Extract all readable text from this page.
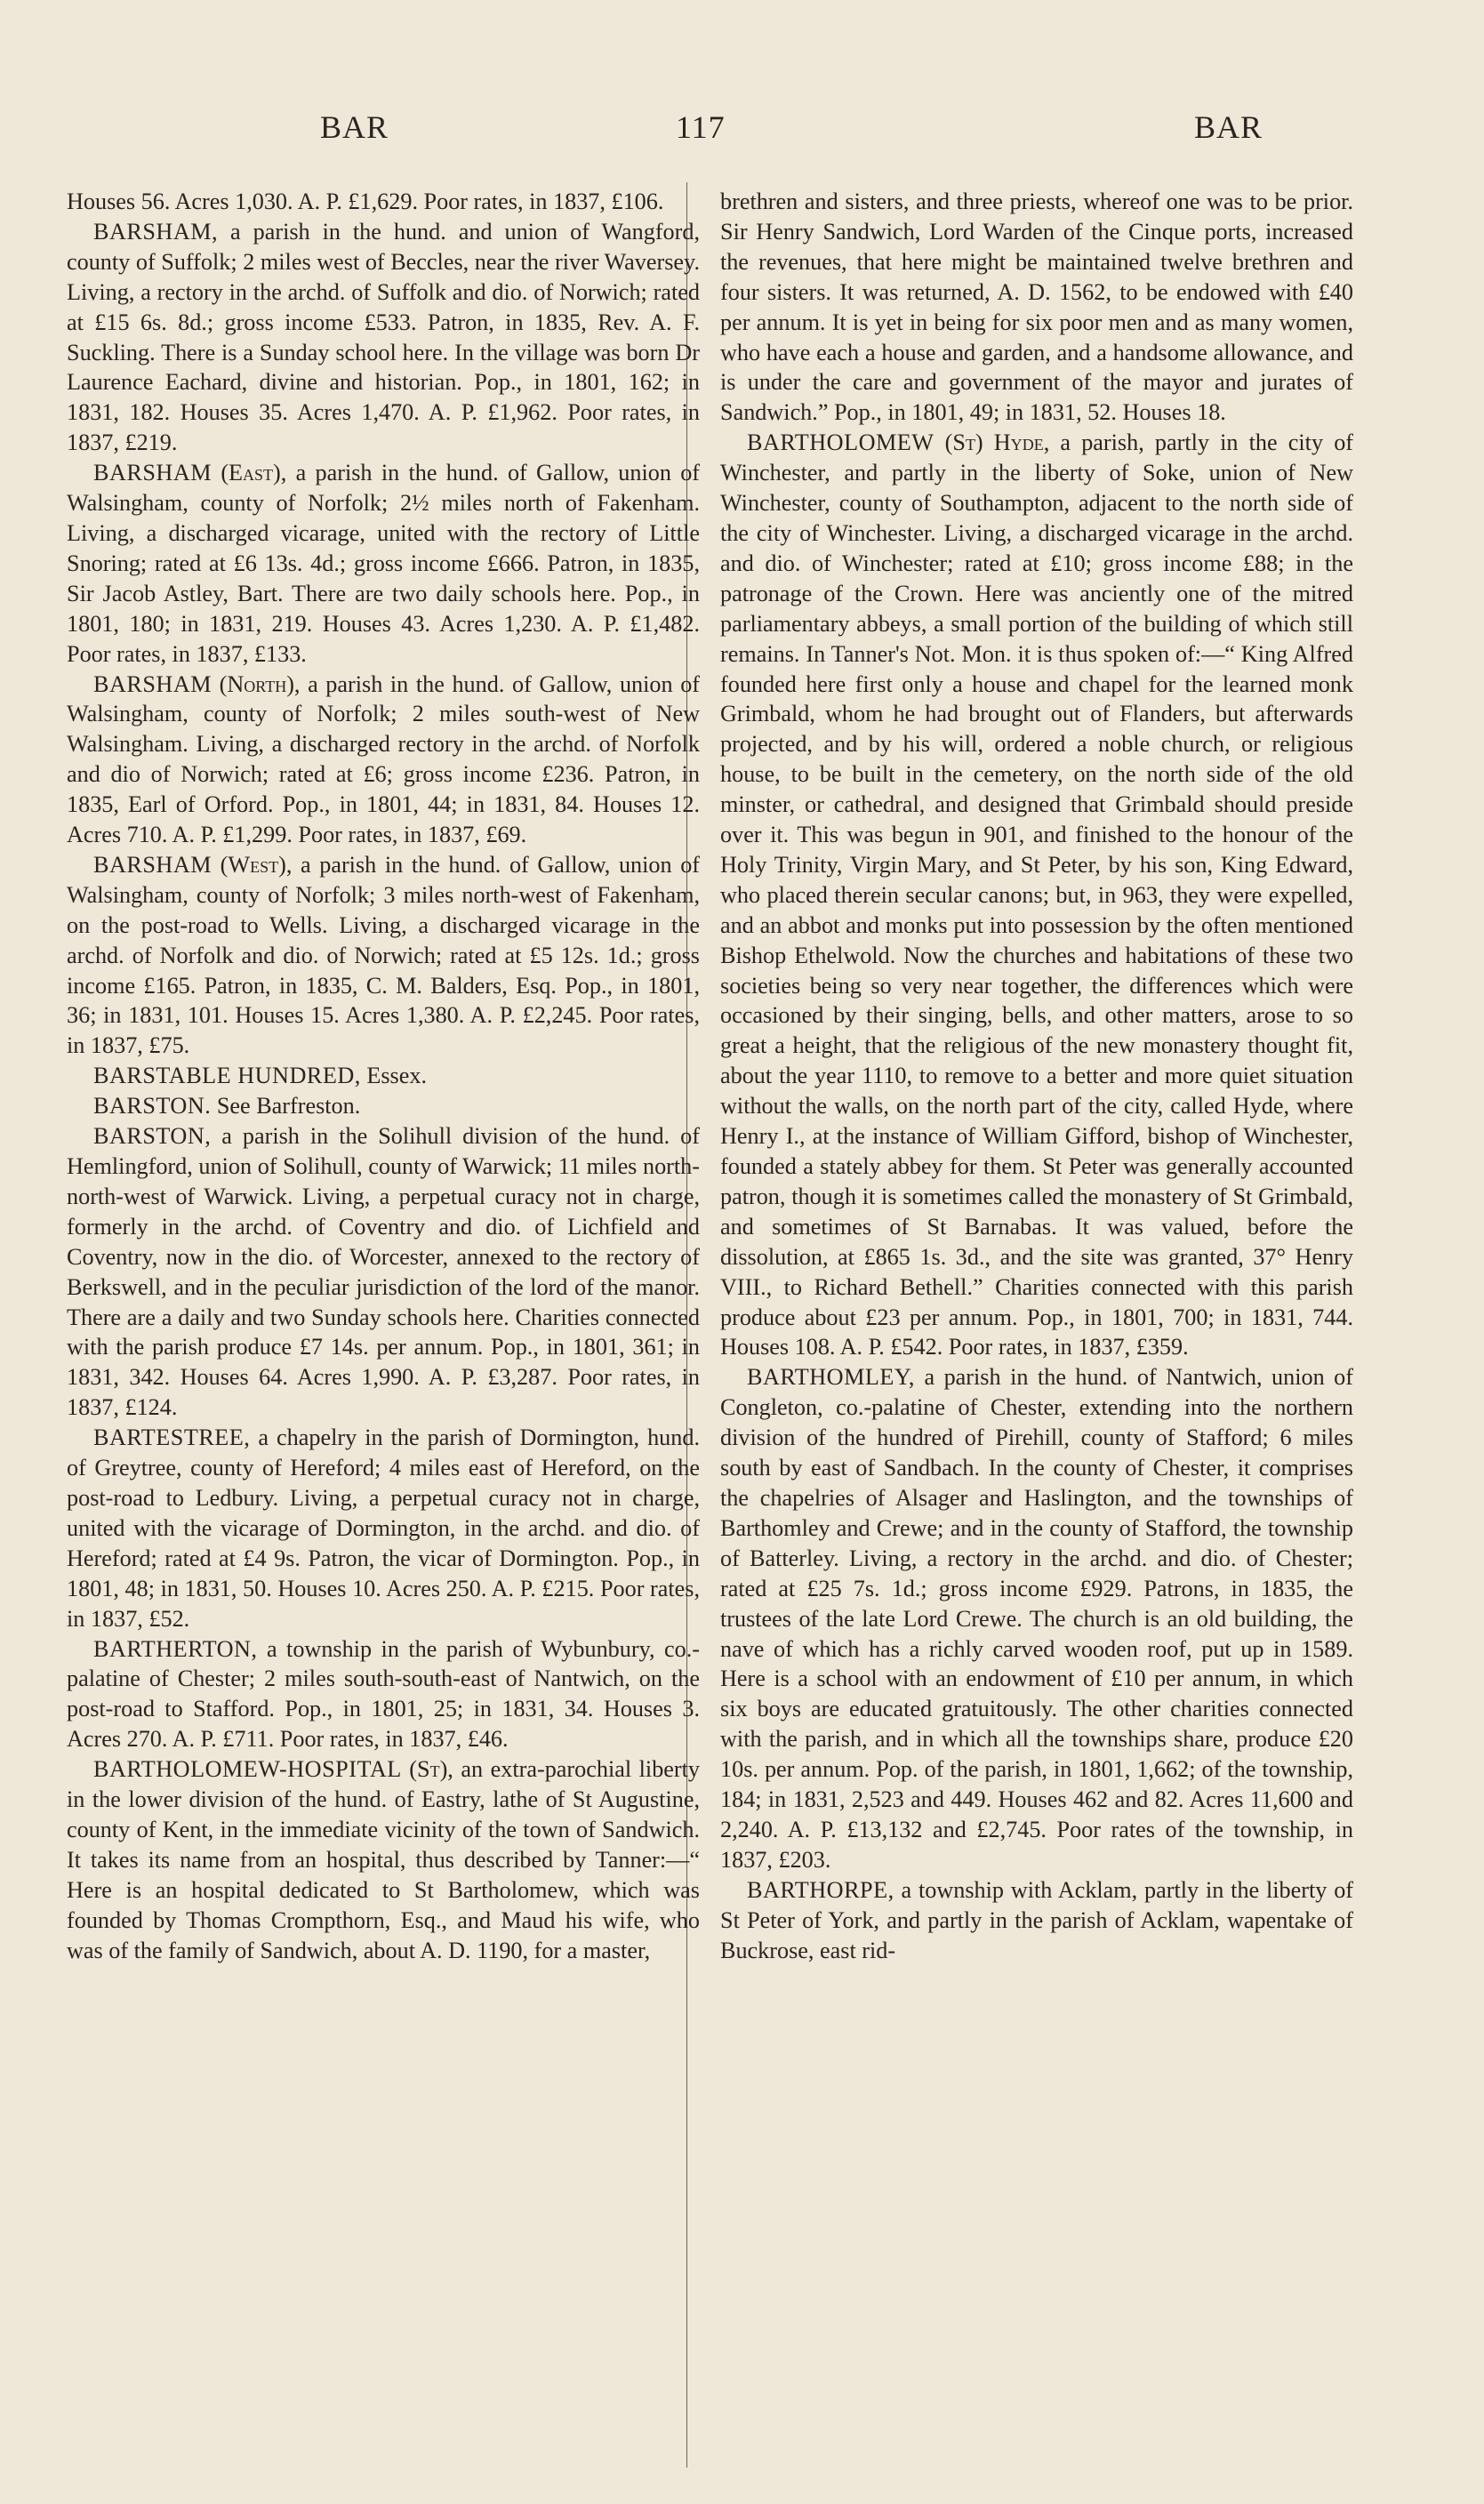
BAR	117	BAR

Houses 56. Acres 1,030. A. P. £1,629. Poor rates, in 1837, £106.

BARSHAM, a parish in the hund. and union of Wangford, county of Suffolk; 2 miles west of Beccles, near the river Waversey. Living, a rectory in the archd. of Suffolk and dio. of Norwich; rated at £15 6s. 8d.; gross income £533. Patron, in 1835, Rev. A. F. Suckling. There is a Sunday school here. In the village was born Dr Laurence Eachard, divine and historian. Pop., in 1801, 162; in 1831, 182. Houses 35. Acres 1,470. A. P. £1,962. Poor rates, in 1837, £219.

BARSHAM (East), a parish in the hund. of Gallow, union of Walsingham, county of Norfolk; 2½ miles north of Fakenham. Living, a discharged vicarage, united with the rectory of Little Snoring; rated at £6 13s. 4d.; gross income £666. Patron, in 1835, Sir Jacob Astley, Bart. There are two daily schools here. Pop., in 1801, 180; in 1831, 219. Houses 43. Acres 1,230. A. P. £1,482. Poor rates, in 1837, £133.

BARSHAM (North), a parish in the hund. of Gallow, union of Walsingham, county of Norfolk; 2 miles south-west of New Walsingham. Living, a discharged rectory in the archd. of Norfolk and dio of Norwich; rated at £6; gross income £236. Patron, in 1835, Earl of Orford. Pop., in 1801, 44; in 1831, 84. Houses 12. Acres 710. A. P. £1,299. Poor rates, in 1837, £69.

BARSHAM (West), a parish in the hund. of Gallow, union of Walsingham, county of Norfolk; 3 miles north-west of Fakenham, on the post-road to Wells. Living, a discharged vicarage in the archd. of Norfolk and dio. of Norwich; rated at £5 12s. 1d.; gross income £165. Patron, in 1835, C. M. Balders, Esq. Pop., in 1801, 36; in 1831, 101. Houses 15. Acres 1,380. A. P. £2,245. Poor rates, in 1837, £75.

BARSTABLE HUNDRED, Essex.

BARSTON. See Barfreston.

BARSTON, a parish in the Solihull division of the hund. of Hemlingford, union of Solihull, county of Warwick; 11 miles north-north-west of Warwick. Living, a perpetual curacy not in charge, formerly in the archd. of Coventry and dio. of Lichfield and Coventry, now in the dio. of Worcester, annexed to the rectory of Berkswell, and in the peculiar jurisdiction of the lord of the manor. There are a daily and two Sunday schools here. Charities connected with the parish produce £7 14s. per annum. Pop., in 1801, 361; in 1831, 342. Houses 64. Acres 1,990. A. P. £3,287. Poor rates, in 1837, £124.

BARTESTREE, a chapelry in the parish of Dormington, hund. of Greytree, county of Hereford; 4 miles east of Hereford, on the post-road to Ledbury. Living, a perpetual curacy not in charge, united with the vicarage of Dormington, in the archd. and dio. of Hereford; rated at £4 9s. Patron, the vicar of Dormington. Pop., in 1801, 48; in 1831, 50. Houses 10. Acres 250. A. P. £215. Poor rates, in 1837, £52.

BARTHERTON, a township in the parish of Wybunbury, co.-palatine of Chester; 2 miles south-south-east of Nantwich, on the post-road to Stafford. Pop., in 1801, 25; in 1831, 34. Houses 3. Acres 270. A. P. £711. Poor rates, in 1837, £46.

BARTHOLOMEW-HOSPITAL (St), an extra-parochial liberty in the lower division of the hund. of Eastry, lathe of St Augustine, county of Kent, in the immediate vicinity of the town of Sandwich. It takes its name from an hospital, thus described by Tanner:—“ Here is an hospital dedicated to St Bartholomew, which was founded by Thomas Crompthorn, Esq., and Maud his wife, who was of the family of Sandwich, about A. D. 1190, for a master,

brethren and sisters, and three priests, whereof one was to be prior. Sir Henry Sandwich, Lord Warden of the Cinque ports, increased the revenues, that here might be maintained twelve brethren and four sisters. It was returned, A. D. 1562, to be endowed with £40 per annum. It is yet in being for six poor men and as many women, who have each a house and garden, and a handsome allowance, and is under the care and government of the mayor and jurates of Sandwich.” Pop., in 1801, 49; in 1831, 52. Houses 18.

BARTHOLOMEW (St) Hyde, a parish, partly in the city of Winchester, and partly in the liberty of Soke, union of New Winchester, county of Southampton, adjacent to the north side of the city of Winchester. Living, a discharged vicarage in the archd. and dio. of Winchester; rated at £10; gross income £88; in the patronage of the Crown. Here was anciently one of the mitred parliamentary abbeys, a small portion of the building of which still remains. In Tanner's Not. Mon. it is thus spoken of:—“ King Alfred founded here first only a house and chapel for the learned monk Grimbald, whom he had brought out of Flanders, but afterwards projected, and by his will, ordered a noble church, or religious house, to be built in the cemetery, on the north side of the old minster, or cathedral, and designed that Grimbald should preside over it. This was begun in 901, and finished to the honour of the Holy Trinity, Virgin Mary, and St Peter, by his son, King Edward, who placed therein secular canons; but, in 963, they were expelled, and an abbot and monks put into possession by the often mentioned Bishop Ethelwold. Now the churches and habitations of these two societies being so very near together, the differences which were occasioned by their singing, bells, and other matters, arose to so great a height, that the religious of the new monastery thought fit, about the year 1110, to remove to a better and more quiet situation without the walls, on the north part of the city, called Hyde, where Henry I., at the instance of William Gifford, bishop of Winchester, founded a stately abbey for them. St Peter was generally accounted patron, though it is sometimes called the monastery of St Grimbald, and sometimes of St Barnabas. It was valued, before the dissolution, at £865 1s. 3d., and the site was granted, 37° Henry VIII., to Richard Bethell.” Charities connected with this parish produce about £23 per annum. Pop., in 1801, 700; in 1831, 744. Houses 108. A. P. £542. Poor rates, in 1837, £359.

BARTHOMLEY, a parish in the hund. of Nantwich, union of Congleton, co.-palatine of Chester, extending into the northern division of the hundred of Pirehill, county of Stafford; 6 miles south by east of Sandbach. In the county of Chester, it comprises the chapelries of Alsager and Haslington, and the townships of Barthomley and Crewe; and in the county of Stafford, the township of Batterley. Living, a rectory in the archd. and dio. of Chester; rated at £25 7s. 1d.; gross income £929. Patrons, in 1835, the trustees of the late Lord Crewe. The church is an old building, the nave of which has a richly carved wooden roof, put up in 1589. Here is a school with an endowment of £10 per annum, in which six boys are educated gratuitously. The other charities connected with the parish, and in which all the townships share, produce £20 10s. per annum. Pop. of the parish, in 1801, 1,662; of the township, 184; in 1831, 2,523 and 449. Houses 462 and 82. Acres 11,600 and 2,240. A. P. £13,132 and £2,745. Poor rates of the township, in 1837, £203.

BARTHORPE, a township with Acklam, partly in the liberty of St Peter of York, and partly in the parish of Acklam, wapentake of Buckrose, east rid-
